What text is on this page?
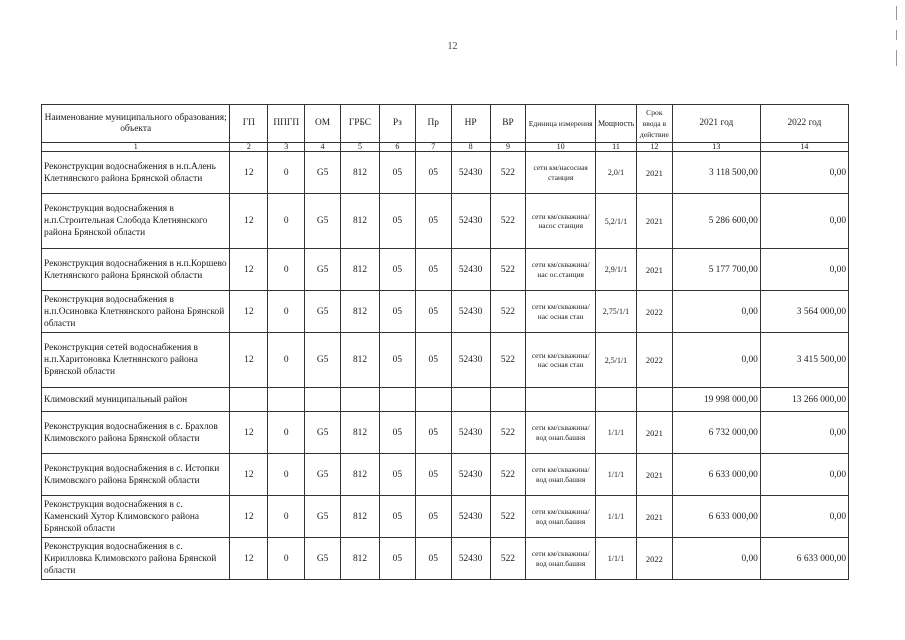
12
Наименование муниципального образования; объекта	ГП	ППГП	ОМ	ГРБС	Рз	Пр	НР	ВР	Единица измерения	Мощность	Срок ввода в действие	2021 год	2022 год
1	2	3	4	5	6	7	8	9	10	11	12	13	14
Реконструкция водоснабжения в н.п.Алень Клетнянского района Брянской области	12	0	G5	812	05	05	52430	522	сети км/насосная станция	2,0/1	2021	3 118 500,00	0,00
Реконструкция водоснабжения в н.п.Строительная Слобода Клетнянского района Брянской области	12	0	G5	812	05	05	52430	522	сети км/скважина/насос станция	5,2/1/1	2021	5 286 600,00	0,00
Реконструкция водоснабжения в н.п.Коршево Клетнянского района Брянской области	12	0	G5	812	05	05	52430	522	сети км/скважина/нас ос.станция	2,9/1/1	2021	5 177 700,00	0,00
Реконструкция водоснабжения в н.п.Осиновка Клетнянского района Брянской области	12	0	G5	812	05	05	52430	522	сети км/скважина/нас осная стан	2,75/1/1	2022	0,00	3 564 000,00
Реконструкция сетей водоснабжения в н.п.Харитоновка Клетнянского района Брянской области	12	0	G5	812	05	05	52430	522	сети км/скважина/нас осная стан	2,5/1/1	2022	0,00	3 415 500,00
Климовский муниципальный район												19 998 000,00	13 266 000,00
Реконструкция водоснабжения в с. Брахлов Климовского района Брянской области	12	0	G5	812	05	05	52430	522	сети км/скважина/вод онап.башня	1/1/1	2021	6 732 000,00	0,00
Реконструкция водоснабжения в с. Истопки Климовского района Брянской области	12	0	G5	812	05	05	52430	522	сети км/скважина/вод онап.башня	1/1/1	2021	6 633 000,00	0,00
Реконструкция водоснабжения в с. Каменский Хутор Климовского района Брянской области	12	0	G5	812	05	05	52430	522	сети км/скважина/вод онап.башня	1/1/1	2021	6 633 000,00	0,00
Реконструкция водоснабжения в с. Кирилловка Климовского района Брянской области	12	0	G5	812	05	05	52430	522	сети км/скважина/вод онап.башня	1/1/1	2022	0,00	6 633 000,00
